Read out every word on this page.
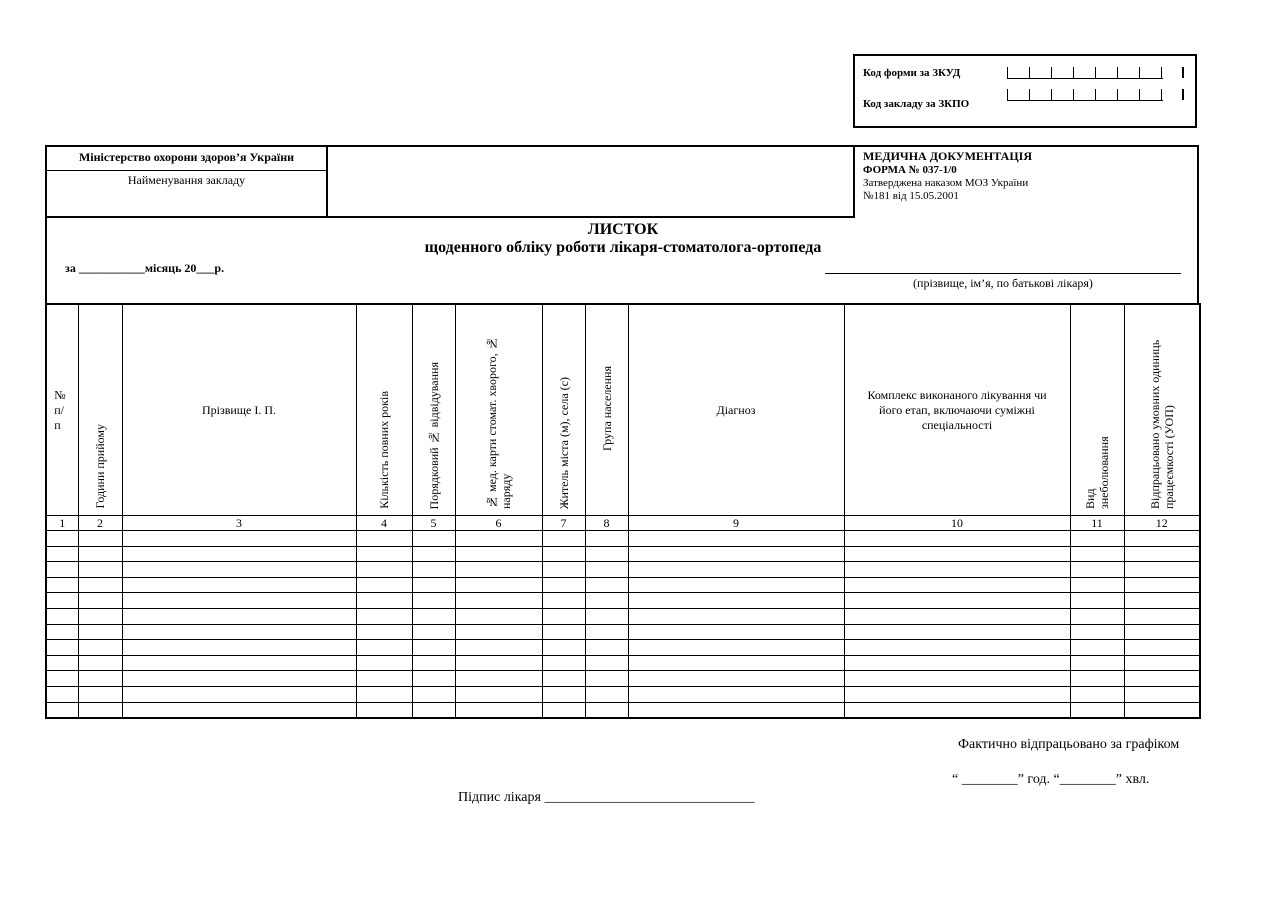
Код форми за ЗКУД
Код закладу за ЗКПО
Міністерство охорони здоров’я України
Найменування закладу
МЕДИЧНА ДОКУМЕНТАЦІЯ
ФОРМА № 037-1/0
Затверджена наказом МОЗ України
№181 від 15.05.2001
ЛИСТОК
щоденного обліку роботи лікаря-стоматолога-ортопеда
за ___________місяць 20___р.
(прізвище, ім’я, по батькові лікаря)
№ п/ п	Години прийому	Прізвище І. П.	Кількість повних років	Порядковий № відвідування	№ мед. карти стомат. хворого, № наряду	Житель міста (м), села (с)	Група населення	Діагноз	Комплекс виконаного лікування чи його етап, включаючи суміжні спеціальності	Вид знеболювання	Відпрацьовано умовних одиниць працеємкості (УОП)

1	2	3	4	5	6	7	8	9	10	11	12

Фактично відпрацьовано за графіком
“ ________” год. “________” хвл.
Підпис лікаря ______________________________
